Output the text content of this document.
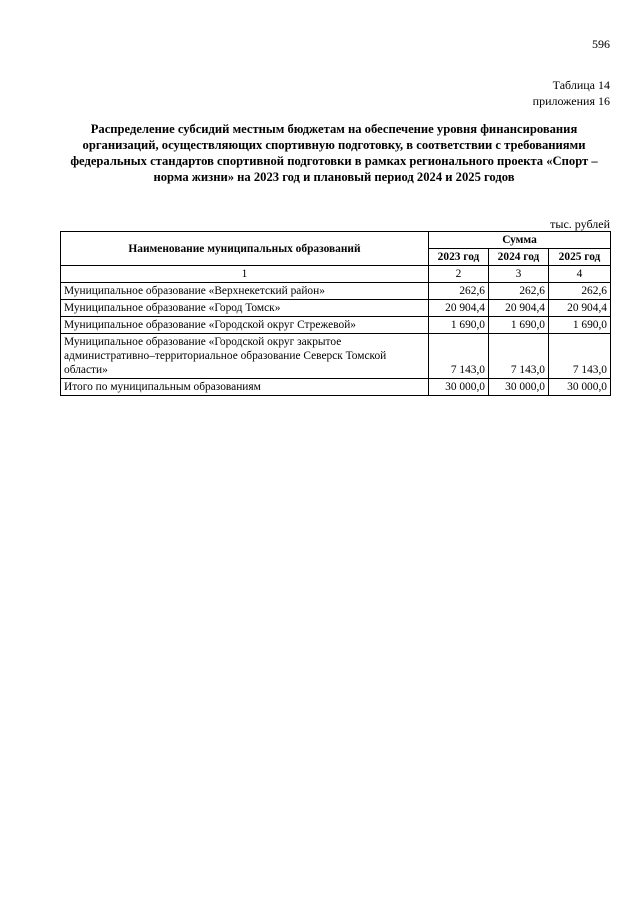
596
Таблица 14
приложения 16
Распределение субсидий местным бюджетам на обеспечение уровня финансирования организаций, осуществляющих спортивную подготовку, в соответствии с требованиями федеральных стандартов спортивной подготовки в рамках регионального проекта «Спорт – норма жизни» на 2023 год и плановый период 2024 и 2025 годов
тыс. рублей
Наименование муниципальных образований	Сумма		
	2023 год	2024 год	2025 год
1	2	3	4
Муниципальное образование «Верхнекетский район»	262,6	262,6	262,6
Муниципальное образование «Город Томск»	20 904,4	20 904,4	20 904,4
Муниципальное образование «Городской округ Стрежевой»	1 690,0	1 690,0	1 690,0
Муниципальное образование «Городской округ закрытое административно–территориальное образование Северск Томской области»	7 143,0	7 143,0	7 143,0
Итого по муниципальным образованиям	30 000,0	30 000,0	30 000,0
